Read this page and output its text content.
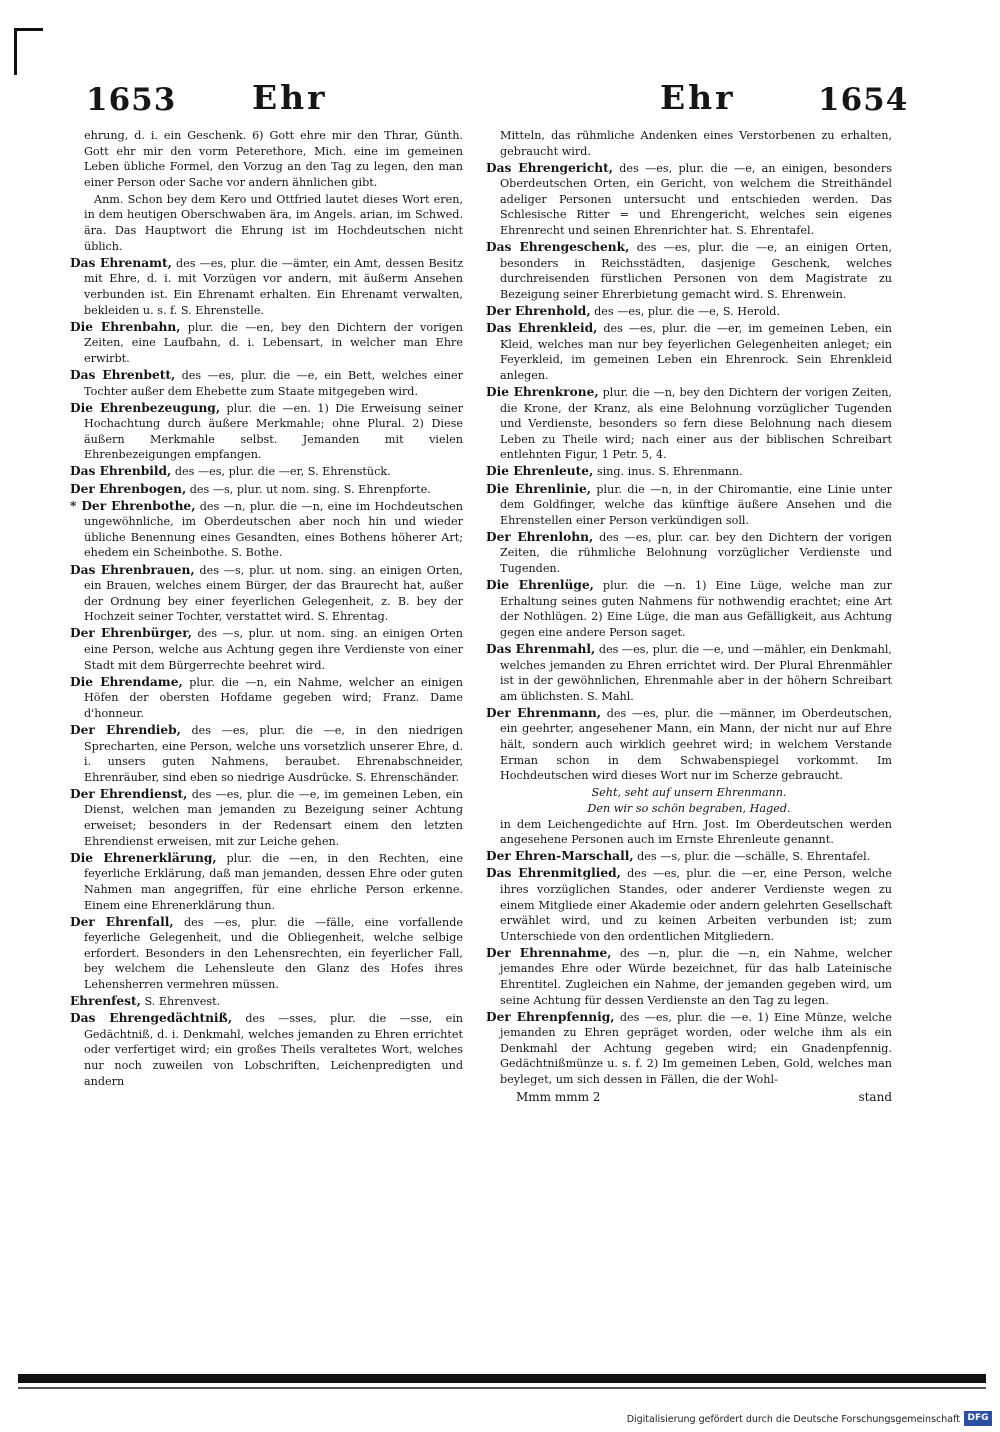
1653 Ehr	Ehr	1654
ehrung, d. i. ein Geschenk. 6) Gott ehre mir den Thrar, Günth. Gott ehr mir den vorm Peterethore, Mich. eine im gemeinen Leben übliche Formel, den Vorzug an den Tag zu legen, den man einer Person oder Sache vor andern ähnlichen gibt.
Anm. Schon bey dem Kero und Ottfried lautet dieses Wort eren, in dem heutigen Oberschwaben ära, im Angels. arian, im Schwed. ära. Das Hauptwort die Ehrung ist im Hochdeutschen nicht üblich.
Das Ehrenamt, des —es, plur. die —ämter, ein Amt, dessen Besitz mit Ehre, d. i. mit Vorzügen vor andern, mit äußerm Ansehen verbunden ist. Ein Ehrenamt erhalten. Ein Ehrenamt verwalten, bekleiden u. s. f. S. Ehrenstelle.
Die Ehrenbahn, plur. die —en, bey den Dichtern der vorigen Zeiten, eine Laufbahn, d. i. Lebensart, in welcher man Ehre erwirbt.
Das Ehrenbett, des —es, plur. die —e, ein Bett, welches einer Tochter außer dem Ehebette zum Staate mitgegeben wird.
Die Ehrenbezeugung, plur. die —en. 1) Die Erweisung seiner Hochachtung durch äußere Merkmahle; ohne Plural. 2) Diese äußern Merkmahle selbst. Jemanden mit vielen Ehrenbezeigungen empfangen.
Das Ehrenbild, des —es, plur. die —er, S. Ehrenstück.
Der Ehrenbogen, des —s, plur. ut nom. sing. S. Ehrenpforte.
* Der Ehrenbothe, des —n, plur. die —n, eine im Hochdeutschen ungewöhnliche, im Oberdeutschen aber noch hin und wieder übliche Benennung eines Gesandten, eines Bothens höherer Art; ehedem ein Scheinbothe. S. Bothe.
Das Ehrenbrauen, des —s, plur. ut nom. sing. an einigen Orten, ein Brauen, welches einem Bürger, der das Braurecht hat, außer der Ordnung bey einer feyerlichen Gelegenheit, z. B. bey der Hochzeit seiner Tochter, verstattet wird. S. Ehrentag.
Der Ehrenbürger, des —s, plur. ut nom. sing. an einigen Orten eine Person, welche aus Achtung gegen ihre Verdienste von einer Stadt mit dem Bürgerrechte beehret wird.
Die Ehrendame, plur. die —n, ein Nahme, welcher an einigen Höfen der obersten Hofdame gegeben wird; Franz. Dame d'honneur.
Der Ehrendieb, des —es, plur. die —e, in den niedrigen Sprecharten, eine Person, welche uns vorsetzlich unserer Ehre, d. i. unsers guten Nahmens, beraubet. Ehrenabschneider, Ehrenräuber, sind eben so niedrige Ausdrücke. S. Ehrenschänder.
Der Ehrendienst, des —es, plur. die —e, im gemeinen Leben, ein Dienst, welchen man jemanden zu Bezeigung seiner Achtung erweiset; besonders in der Redensart einem den letzten Ehrendienst erweisen, mit zur Leiche gehen.
Die Ehrenerklärung, plur. die —en, in den Rechten, eine feyerliche Erklärung, daß man jemanden, dessen Ehre oder guten Nahmen man angegriffen, für eine ehrliche Person erkenne. Einem eine Ehrenerklärung thun.
Der Ehrenfall, des —es, plur. die —fälle, eine vorfallende feyerliche Gelegenheit, und die Obliegenheit, welche selbige erfordert. Besonders in den Lehensrechten, ein feyerlicher Fall, bey welchem die Lehensleute den Glanz des Hofes ihres Lehensherren vermehren müssen.
Ehrenfest, S. Ehrenvest.
Das Ehrengedächtniß, des —sses, plur. die —sse, ein Gedächtniß, d. i. Denkmahl, welches jemanden zu Ehren errichtet oder verfertiget wird; ein großes Theils veraltetes Wort, welches nur noch zuweilen von Lobschriften, Leichenpredigten und andern
Mitteln, das rühmliche Andenken eines Verstorbenen zu erhalten, gebraucht wird.
Das Ehrengericht, des —es, plur. die —e, an einigen, besonders Oberdeutschen Orten, ein Gericht, von welchem die Streithändel adeliger Personen untersucht und entschieden werden. Das Schlesische Ritter = und Ehrengericht, welches sein eigenes Ehrenrecht und seinen Ehrenrichter hat. S. Ehrentafel.
Das Ehrengeschenk, des —es, plur. die —e, an einigen Orten, besonders in Reichsstädten, dasjenige Geschenk, welches durchreisenden fürstlichen Personen von dem Magistrate zu Bezeigung seiner Ehrerbietung gemacht wird. S. Ehrenwein.
Der Ehrenhold, des —es, plur. die —e, S. Herold.
Das Ehrenkleid, des —es, plur. die —er, im gemeinen Leben, ein Kleid, welches man nur bey feyerlichen Gelegenheiten anleget; ein Feyerkleid, im gemeinen Leben ein Ehrenrock. Sein Ehrenkleid anlegen.
Die Ehrenkrone, plur. die —n, bey den Dichtern der vorigen Zeiten, die Krone, der Kranz, als eine Belohnung vorzüglicher Tugenden und Verdienste, besonders so fern diese Belohnung nach diesem Leben zu Theile wird; nach einer aus der biblischen Schreibart entlehnten Figur, 1 Petr. 5, 4.
Die Ehrenleute, sing. inus. S. Ehrenmann.
Die Ehrenlinie, plur. die —n, in der Chiromantie, eine Linie unter dem Goldfinger, welche das künftige äußere Ansehen und die Ehrenstellen einer Person verkündigen soll.
Der Ehrenlohn, des —es, plur. car. bey den Dichtern der vorigen Zeiten, die rühmliche Belohnung vorzüglicher Verdienste und Tugenden.
Die Ehrenlüge, plur. die —n. 1) Eine Lüge, welche man zur Erhaltung seines guten Nahmens für nothwendig erachtet; eine Art der Nothlügen. 2) Eine Lüge, die man aus Gefälligkeit, aus Achtung gegen eine andere Person saget.
Das Ehrenmahl, des —es, plur. die —e, und —mähler, ein Denkmahl, welches jemanden zu Ehren errichtet wird. Der Plural Ehrenmähler ist in der gewöhnlichen, Ehrenmahle aber in der höhern Schreibart am üblichsten. S. Mahl.
Der Ehrenmann, des —es, plur. die —männer, im Oberdeutschen, ein geehrter, angesehener Mann, ein Mann, der nicht nur auf Ehre hält, sondern auch wirklich geehret wird; in welchem Verstande Erman schon in dem Schwabenspiegel vorkommt. Im Hochdeutschen wird dieses Wort nur im Scherze gebraucht.
Seht, seht auf unsern Ehrenmann.
Den wir so schön begraben, Haged.
in dem Leichengedichte auf Hrn. Jost. Im Oberdeutschen werden angesehene Personen auch im Ernste Ehrenleute genannt.
Der Ehren-Marschall, des —s, plur. die —schälle, S. Ehrentafel.
Das Ehrenmitglied, des —es, plur. die —er, eine Person, welche ihres vorzüglichen Standes, oder anderer Verdienste wegen zu einem Mitgliede einer Akademie oder andern gelehrten Gesellschaft erwählet wird, und zu keinen Arbeiten verbunden ist; zum Unterschiede von den ordentlichen Mitgliedern.
Der Ehrennahme, des —n, plur. die —n, ein Nahme, welcher jemandes Ehre oder Würde bezeichnet, für das halb Lateinische Ehrentitel. Zugleichen ein Nahme, der jemanden gegeben wird, um seine Achtung für dessen Verdienste an den Tag zu legen.
Der Ehrenpfennig, des —es, plur. die —e. 1) Eine Münze, welche jemanden zu Ehren gepräget worden, oder welche ihm als ein Denkmahl der Achtung gegeben wird; ein Gnadenpfennig. Gedächtnißmünze u. s. f. 2) Im gemeinen Leben, Gold, welches man beyleget, um sich dessen in Fällen, die der Wohl-
Mmm mmm 2	stand
Digitalisierung gefördert durch die Deutsche Forschungsgemeinschaft DFG
